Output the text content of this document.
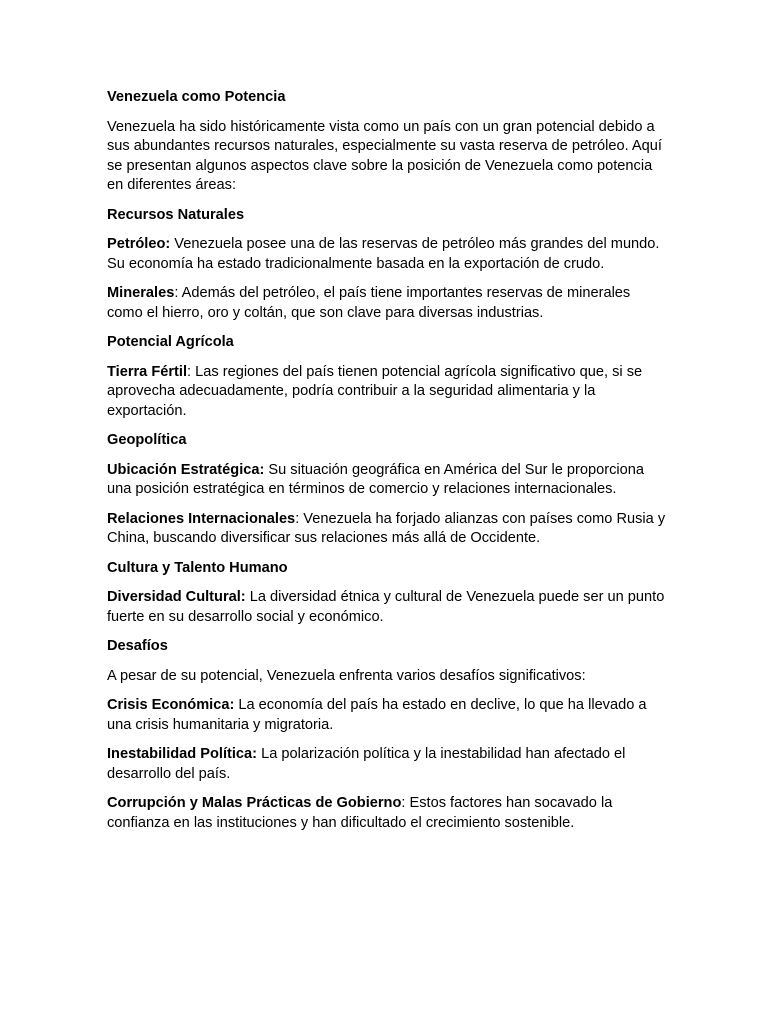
Venezuela como Potencia

Venezuela ha sido históricamente vista como un país con un gran potencial debido a sus abundantes recursos naturales, especialmente su vasta reserva de petróleo. Aquí se presentan algunos aspectos clave sobre la posición de Venezuela como potencia en diferentes áreas:

Recursos Naturales

Petróleo: Venezuela posee una de las reservas de petróleo más grandes del mundo. Su economía ha estado tradicionalmente basada en la exportación de crudo.

Minerales: Además del petróleo, el país tiene importantes reservas de minerales como el hierro, oro y coltán, que son clave para diversas industrias.

Potencial Agrícola

Tierra Fértil: Las regiones del país tienen potencial agrícola significativo que, si se aprovecha adecuadamente, podría contribuir a la seguridad alimentaria y la exportación.

Geopolítica

Ubicación Estratégica: Su situación geográfica en América del Sur le proporciona una posición estratégica en términos de comercio y relaciones internacionales.

Relaciones Internacionales: Venezuela ha forjado alianzas con países como Rusia y China, buscando diversificar sus relaciones más allá de Occidente.

Cultura y Talento Humano

Diversidad Cultural: La diversidad étnica y cultural de Venezuela puede ser un punto fuerte en su desarrollo social y económico.

Desafíos

A pesar de su potencial, Venezuela enfrenta varios desafíos significativos:

Crisis Económica: La economía del país ha estado en declive, lo que ha llevado a una crisis humanitaria y migratoria.

Inestabilidad Política: La polarización política y la inestabilidad han afectado el desarrollo del país.

Corrupción y Malas Prácticas de Gobierno: Estos factores han socavado la confianza en las instituciones y han dificultado el crecimiento sostenible.
